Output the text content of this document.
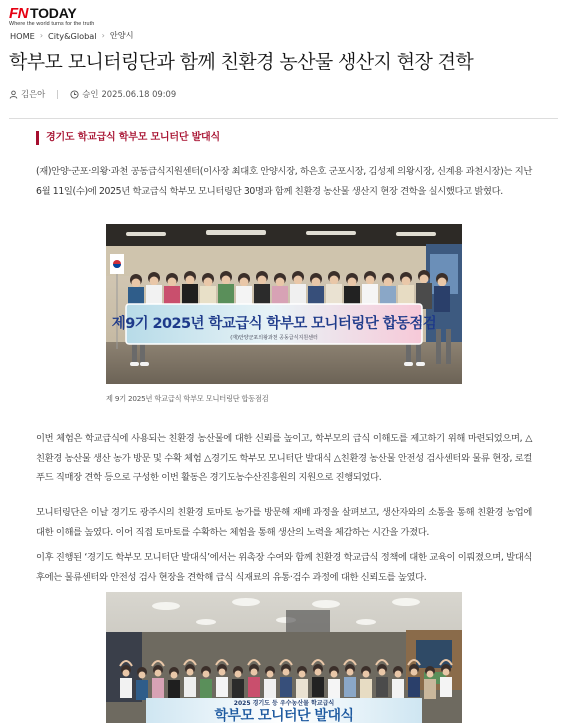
FN TODAY
Where the world turns for the truth
HOME › City&Global › 안양시
학부모 모니터링단과 함께 친환경 농산물 생산지 현장 견학
김은아	승인 2025.06.18 09:09
경기도 학교급식 학부모 모니터단 발대식

(재)안양·군포·의왕·과천 공동급식지원센터(이사장 최대호 안양시장, 하은호 군포시장, 김성제 의왕시장, 신계용 과천시장)는 지난 6월 11일(수)에 2025년 학교급식 학부모 모니터링단 30명과 함께 친환경 농산물 생산지 현장 견학을 실시했다고 밝혔다.

제9기 2025년 학교급식 학부모 모니터링단 합동점검
(재)안양군포의왕과천 공동급식지원센터
제 9기 2025년 학교급식 학부모 모니터링단 합동점검

이번 체험은 학교급식에 사용되는 친환경 농산물에 대한 신뢰를 높이고, 학부모의 급식 이해도를 제고하기 위해 마련되었으며, △친환경 농산물 생산 농가 방문 및 수확 체험 △경기도 학부모 모니터단 발대식 △친환경 농산물 안전성 검사센터와 물류 현장, 로컬푸드 직매장 견학 등으로 구성한 이번 활동은 경기도농수산진흥원의 지원으로 진행되었다.

모니터링단은 이날 경기도 광주시의 친환경 토마토 농가를 방문해 재배 과정을 살펴보고, 생산자와의 소통을 통해 친환경 농업에 대한 이해를 높였다. 이어 직접 토마토를 수확하는 체험을 통해 생산의 노력을 체감하는 시간을 가졌다.

이후 진행된 ‘경기도 학부모 모니터단 발대식’에서는 위촉장 수여와 함께 친환경 학교급식 정책에 대한 교육이 이뤄졌으며, 발대식 후에는 물류센터와 안전성 검사 현장을 견학해 급식 식재료의 유통·검수 과정에 대한 신뢰도를 높였다.

2025 경기도 등 우수농산물 학교급식
학부모 모니터단 발대식
